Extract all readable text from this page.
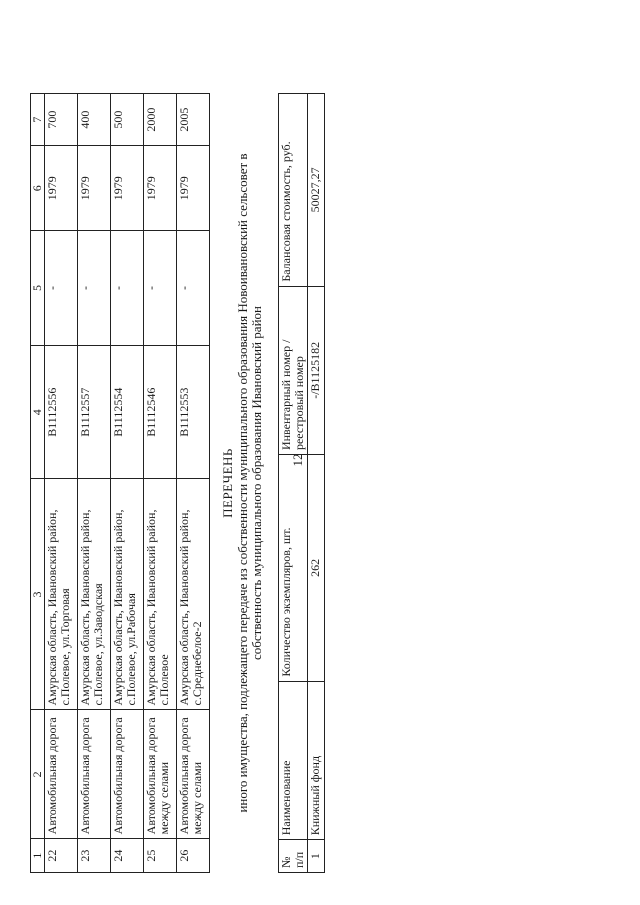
12
1	2	3	4	5	6	7
22	Автомобильная дорога	Амурская область, Ивановский район, с.Полевое, ул.Торговая	В1112556	-	1979	700
23	Автомобильная дорога	Амурская область, Ивановский район, с.Полевое, ул.Заводская	В1112557	-	1979	400
24	Автомобильная дорога	Амурская область, Ивановский район, с.Полевое, ул.Рабочая	В1112554	-	1979	500
25	Автомобильная дорога между селами	Амурская область, Ивановский район, с.Полевое	В1112546	-	1979	2000
26	Автомобильная дорога между селами	Амурская область, Ивановский район, с.Среднебелое-2	В1112553	-	1979	2005
ПЕРЕЧЕНЬ иного имущества, подлежащего передаче из собственности муниципального образования Новоивановский сельсовет в собственность муниципального образования Ивановский район
№ п/п	Наименование	Количество экземпляров, шт.	Инвентарный номер / реестровый номер	Балансовая стоимость, руб.
1	Книжный фонд	262	-/В1125182	50027,27
